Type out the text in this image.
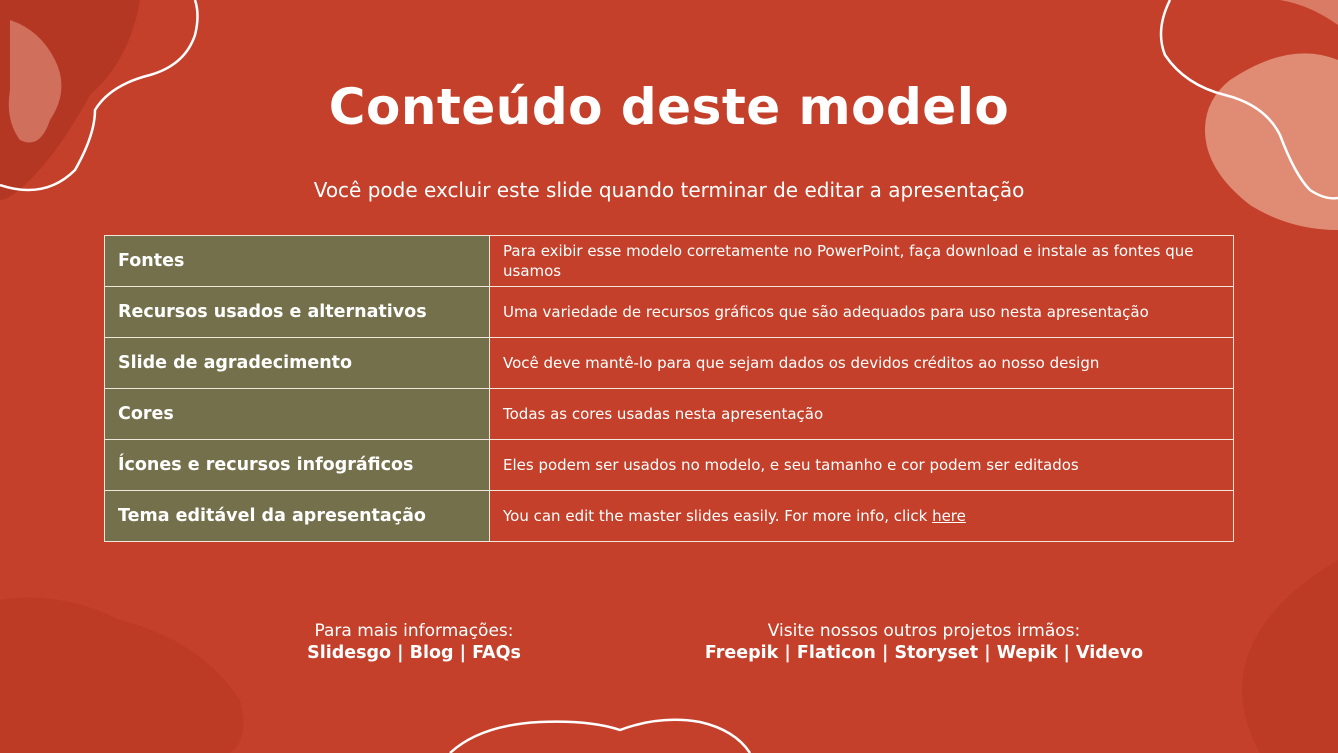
Conteúdo deste modelo
Você pode excluir este slide quando terminar de editar a apresentação
Fontes	Para exibir esse modelo corretamente no PowerPoint, faça download e instale as fontes que usamos
Recursos usados e alternativos	Uma variedade de recursos gráficos que são adequados para uso nesta apresentação
Slide de agradecimento	Você deve mantê-lo para que sejam dados os devidos créditos ao nosso design
Cores	Todas as cores usadas nesta apresentação
Ícones e recursos infográficos	Eles podem ser usados no modelo, e seu tamanho e cor podem ser editados
Tema editável da apresentação	You can edit the master slides easily. For more info, click here
Para mais informações:
Slidesgo | Blog | FAQs
Visite nossos outros projetos irmãos:
Freepik | Flaticon | Storyset | Wepik | Videvo
